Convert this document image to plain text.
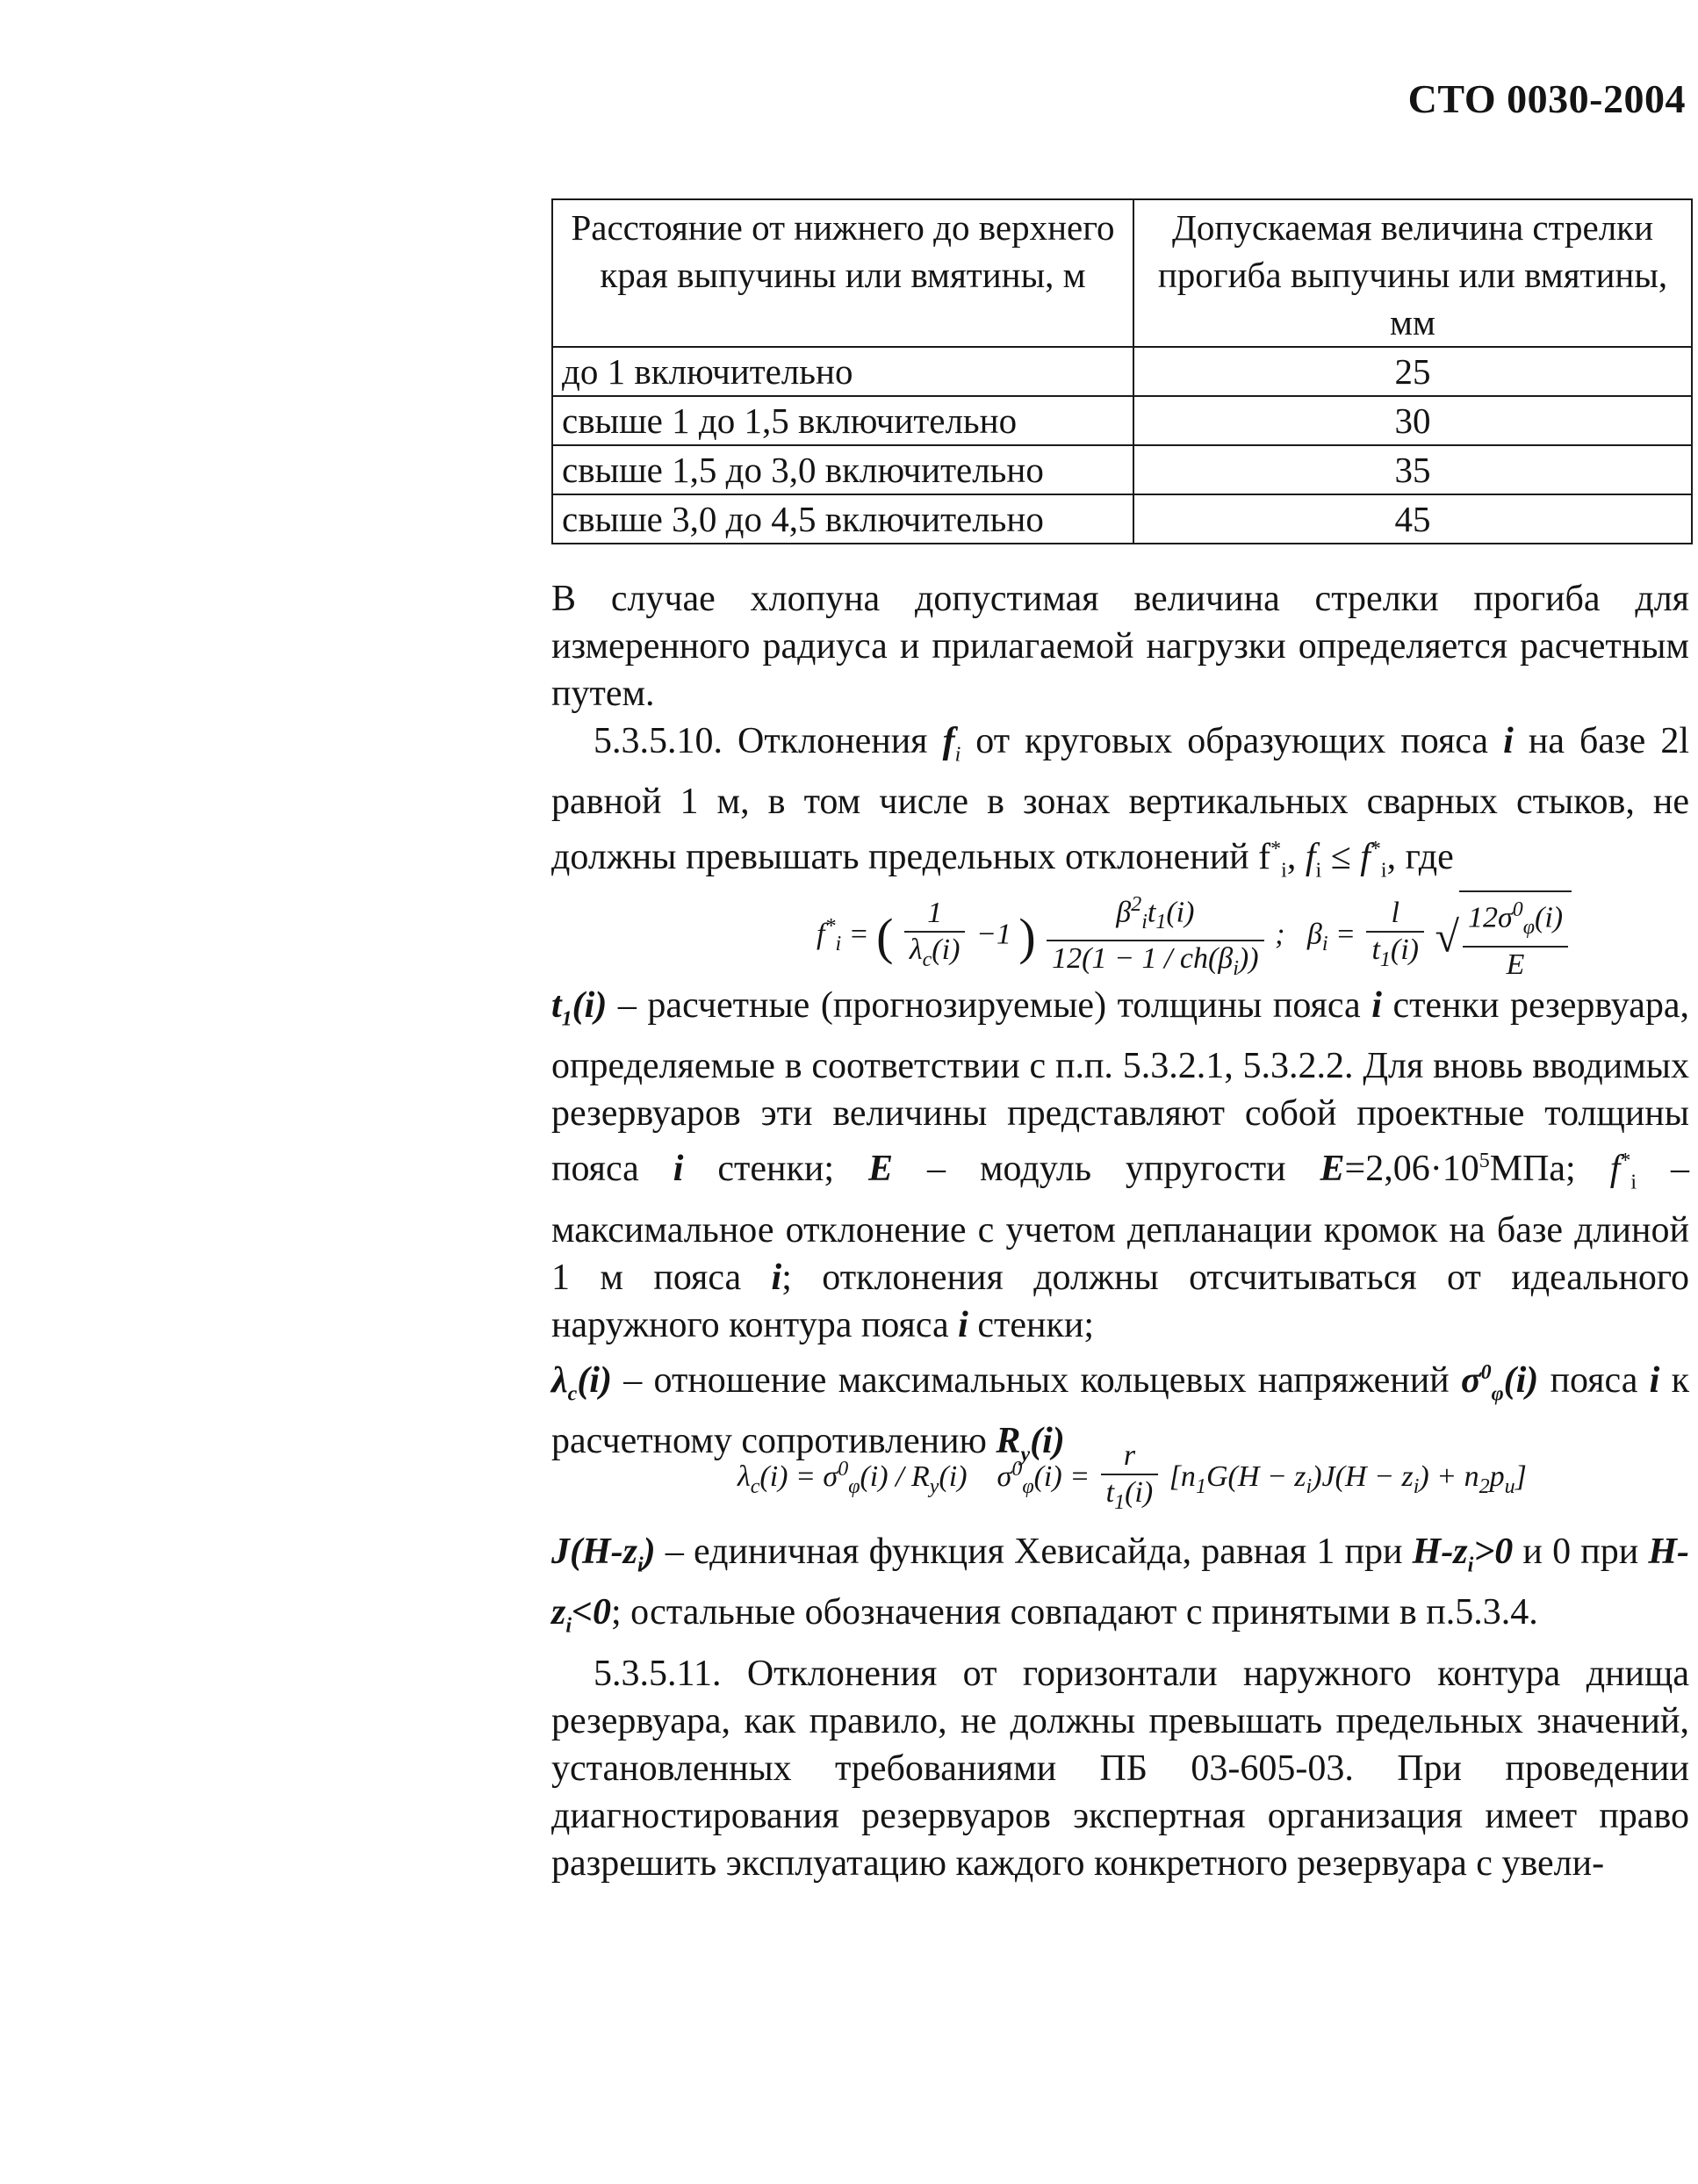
СТО 0030-2004
Расстояние от нижнего до верхнего края выпучины или вмятины, м	Допускаемая величина стрелки прогиба выпучины или вмятины, мм
до 1 включительно	25
свыше 1 до 1,5 включительно	30
свыше 1,5 до 3,0 включительно	35
свыше 3,0 до 4,5 включительно	45

В случае хлопуна допустимая величина стрелки прогиба для измеренного радиуса и прилагаемой нагрузки определяется расчетным путем.

5.3.5.10. Отклонения $f_i$ от круговых образующих пояса i на базе 2l равной 1 м, в том числе в зонах вертикальных сварных стыков, не должны превышать предельных отклонений $f^*_i$, $f_i \le f^*_i$, где

$f^*_i$ = ( $\frac{1}{\lambda_c(i)} -1$ ) $\frac{\beta^2_it_1(i)}{12(1 - 1 / ch(\beta_i))}$ ; $\beta_i = \frac{l}{t_1(i)}$ √ $\frac{12\sigma^0_\varphi(i)}{E}$

$t_1(i)$ – расчетные (прогнозируемые) толщины пояса i стенки резервуара, определяемые в соответствии с п.п. 5.3.2.1, 5.3.2.2. Для вновь вводимых резервуаров эти величины представляют собой проектные толщины пояса i стенки; E – модуль упругости $E=2,06\cdot 10^5МПа$; $f^*_i$ – максимальное отклонение с учетом депланации кромок на базе длиной 1 м пояса i; отклонения должны отсчитываться от идеального наружного контура пояса i стенки;

$\lambda_c(i)$ – отношение максимальных кольцевых напряжений $\sigma^0_\varphi(i)$ пояса i к расчетному сопротивлению $R_y(i)$

$\lambda_c(i) = \sigma^0_\varphi(i) / R_y(i) \sigma^0_\varphi(i) = \frac{r}{t_1(i)} [n_1G(H - z_i)J(H - z_i) + n_2p_u]$

$J(H-z_i)$ – единичная функция Хевисайда, равная 1 при $H-z_i>0$ и 0 при $H-z_i<0$; остальные обозначения совпадают с принятыми в п.5.3.4.

5.3.5.11. Отклонения от горизонтали наружного контура днища резервуара, как правило, не должны превышать предельных значений, установленных требованиями ПБ 03-605-03. При проведении диагностирования резервуаров экспертная организация имеет право разрешить эксплуатацию каждого конкретного резервуара с увели-
